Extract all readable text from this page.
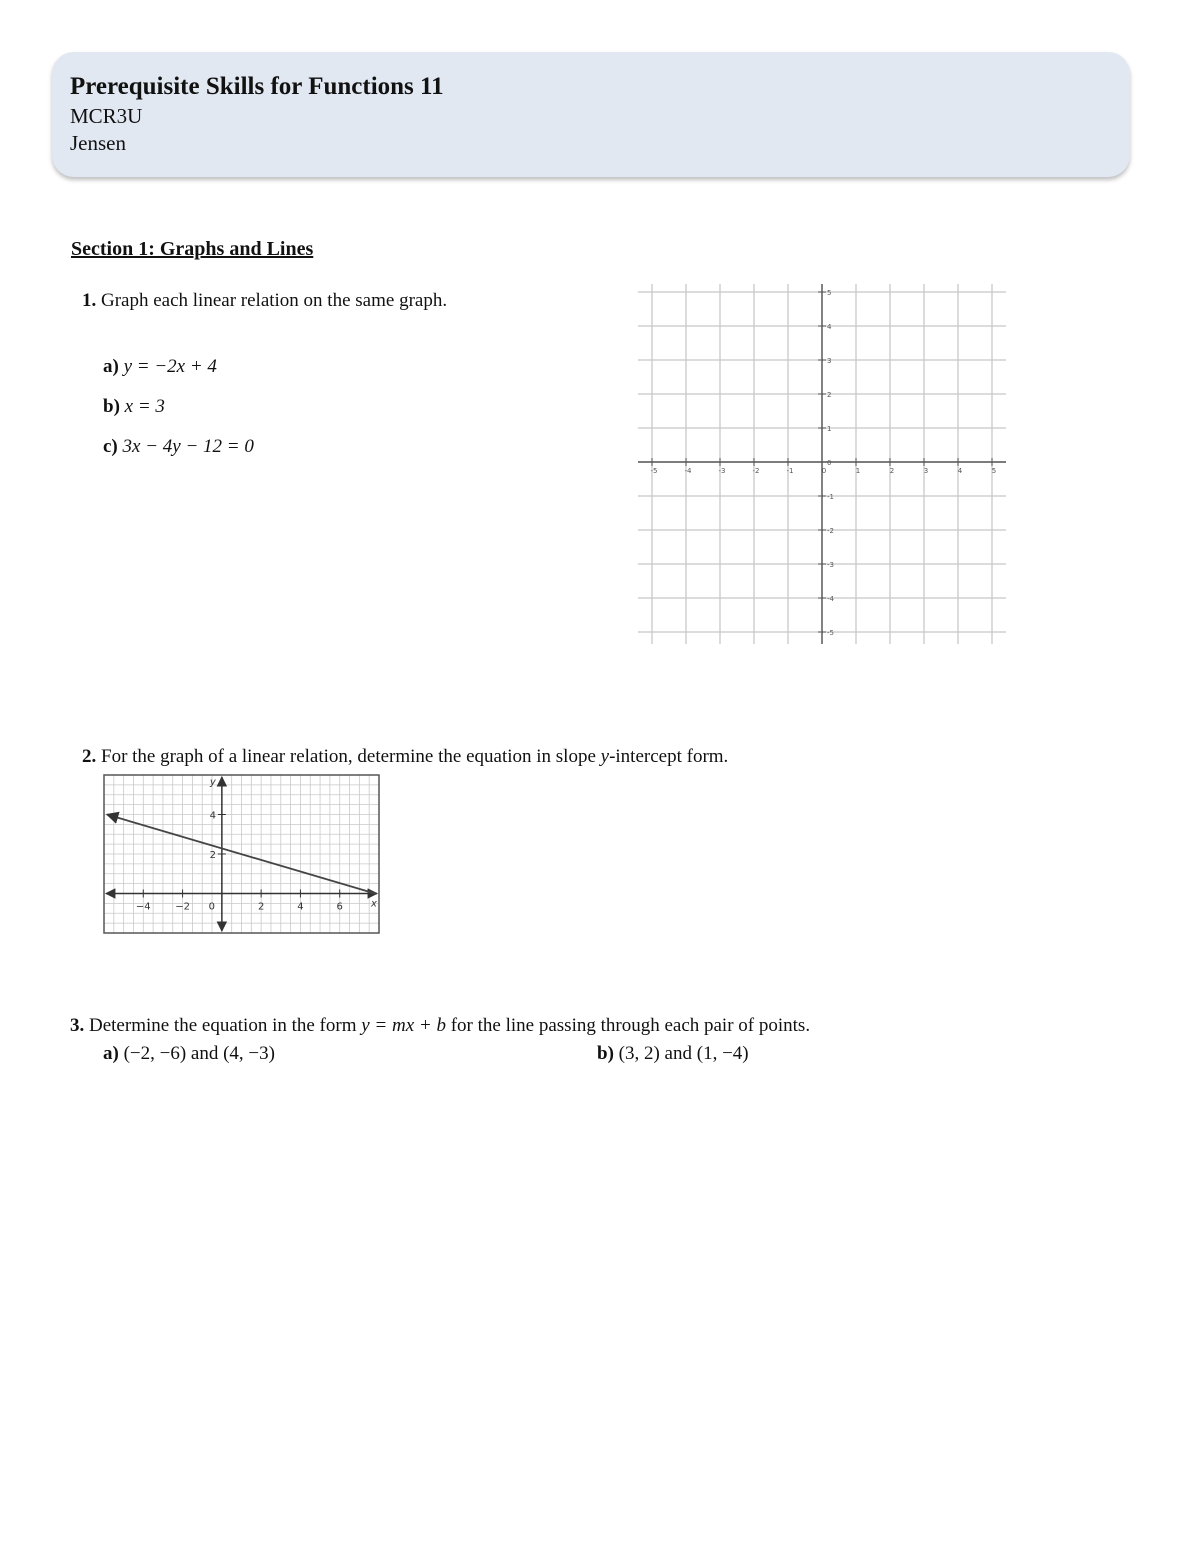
Prerequisite Skills for Functions 11
MCR3U
Jensen
Section 1: Graphs and Lines
1. Graph each linear relation on the same graph.
a) y = −2x + 4
b) x = 3
c) 3x − 4y − 12 = 0
-5	-4	-3	-2	-1	0	1	2	3	4	5
5
4
3
2
1
0
-1
-2
-3
-4
-5
2. For the graph of a linear relation, determine the equation in slope y-intercept form.
−4 −2 0	2	4	6
4
2
x
y
3. Determine the equation in the form y = mx + b for the line passing through each pair of points.
a) (−2, −6) and (4, −3)	b) (3, 2) and (1, −4)
